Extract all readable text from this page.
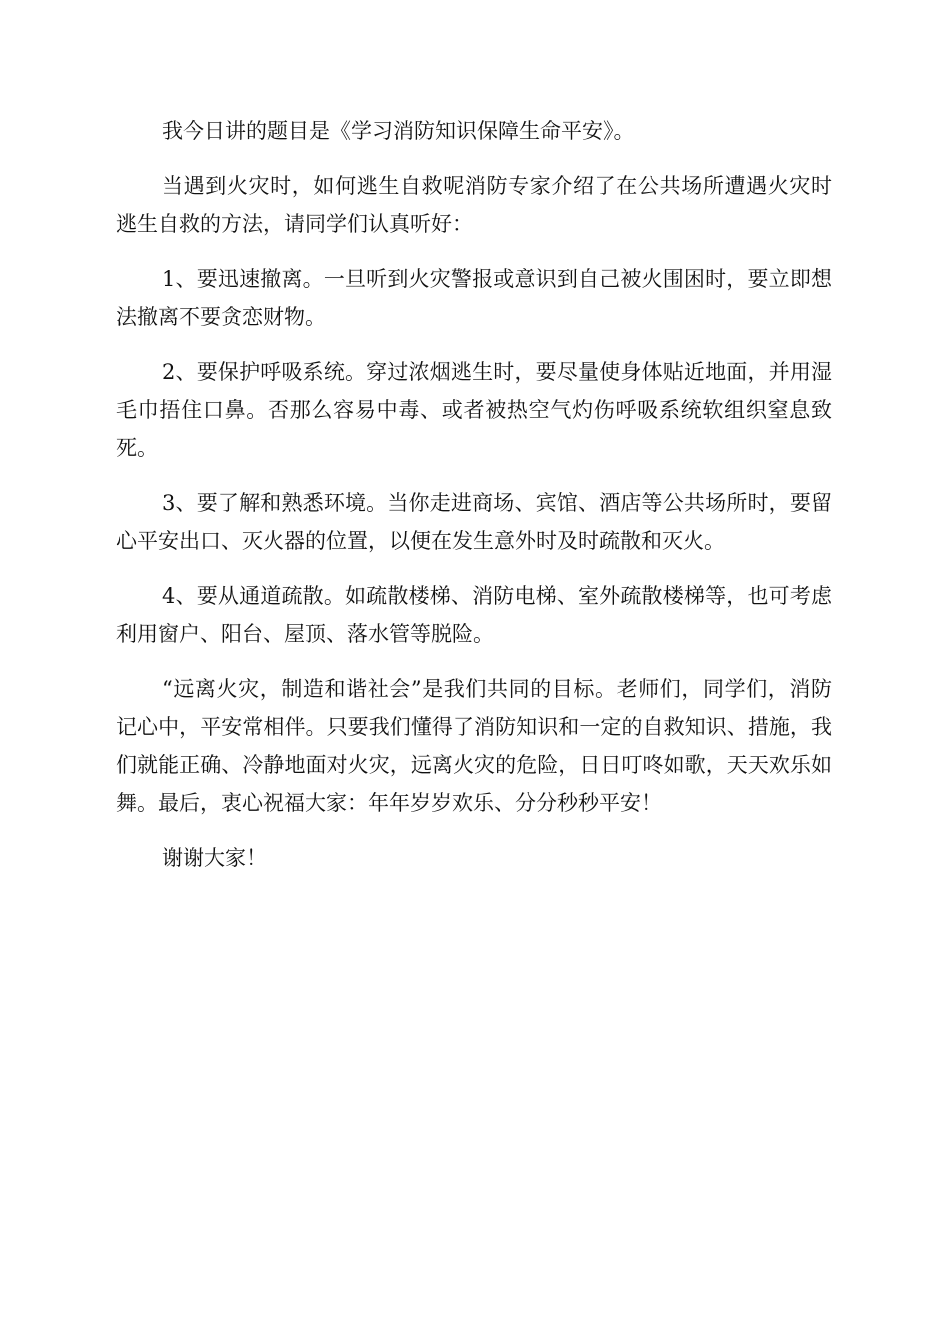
我今日讲的题目是《学习消防知识保障生命平安》。

当遇到火灾时，如何逃生自救呢消防专家介绍了在公共场所遭遇火灾时逃生自救的方法，请同学们认真听好：

1、要迅速撤离。一旦听到火灾警报或意识到自己被火围困时，要立即想法撤离不要贪恋财物。

2、要保护呼吸系统。穿过浓烟逃生时，要尽量使身体贴近地面，并用湿毛巾捂住口鼻。否那么容易中毒、或者被热空气灼伤呼吸系统软组织窒息致死。

3、要了解和熟悉环境。当你走进商场、宾馆、酒店等公共场所时，要留心平安出口、灭火器的位置，以便在发生意外时及时疏散和灭火。

4、要从通道疏散。如疏散楼梯、消防电梯、室外疏散楼梯等，也可考虑利用窗户、阳台、屋顶、落水管等脱险。

“远离火灾，制造和谐社会”是我们共同的目标。老师们，同学们，消防记心中，平安常相伴。只要我们懂得了消防知识和一定的自救知识、措施，我们就能正确、冷静地面对火灾，远离火灾的危险，日日叮咚如歌，天天欢乐如舞。最后，衷心祝福大家：年年岁岁欢乐、分分秒秒平安！

谢谢大家！
